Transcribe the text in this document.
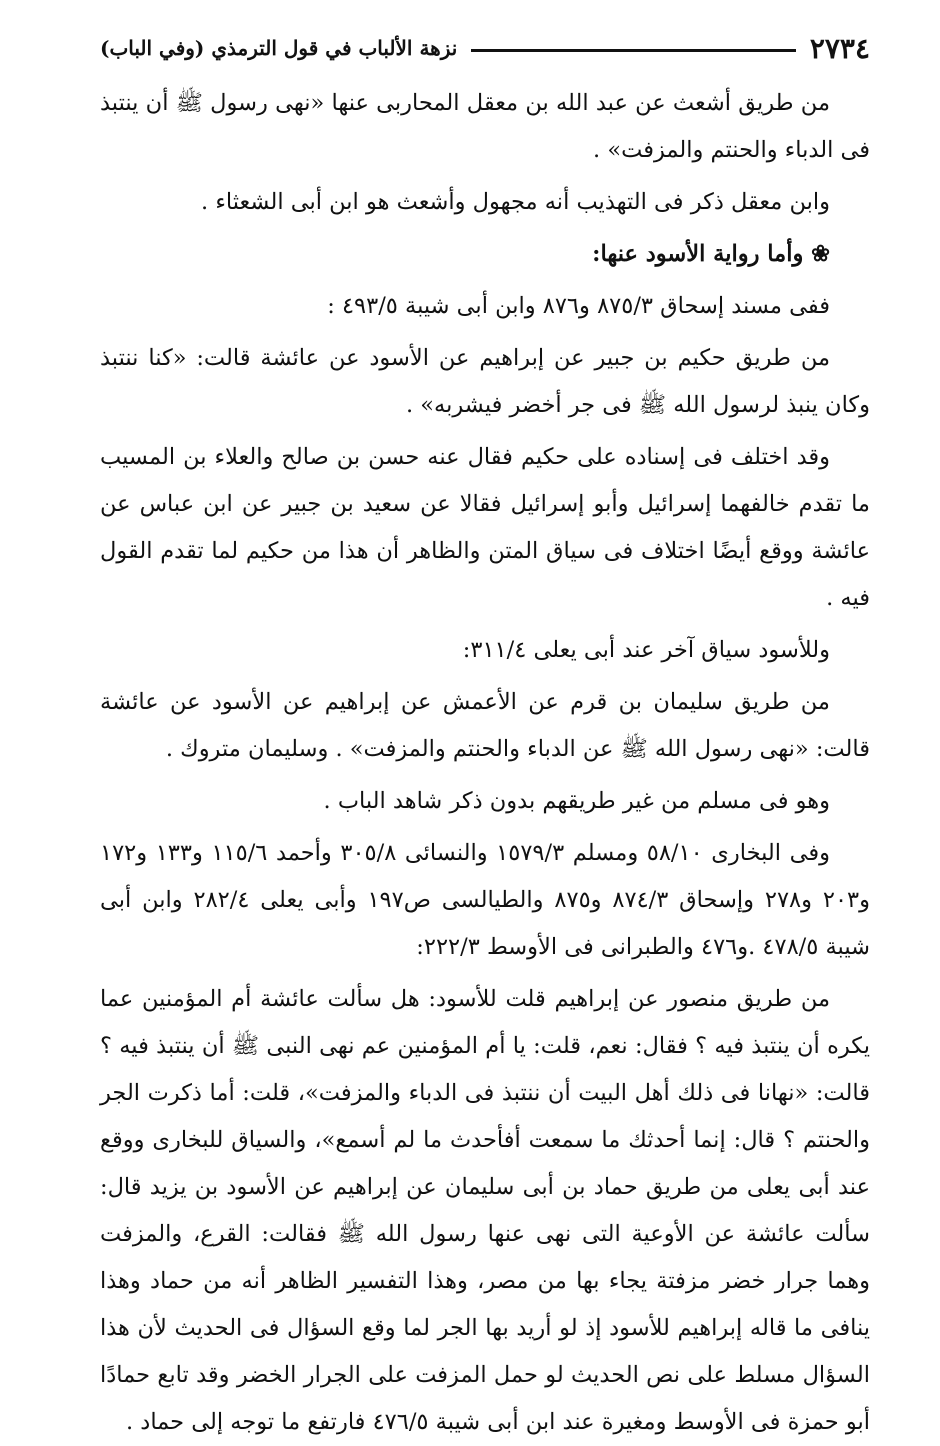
٢٧٣٤
نزهة الألباب في قول الترمذي (وفي الباب)

من طريق أشعث عن عبد الله بن معقل المحاربى عنها «نهى رسول ﷺ أن ينتبذ فى الدباء والحنتم والمزفت» .

وابن معقل ذكر فى التهذيب أنه مجهول وأشعث هو ابن أبى الشعثاء .

❀ وأما رواية الأسود عنها:

ففى مسند إسحاق ٨٧٥/٣ و٨٧٦ وابن أبى شيبة ٤٩٣/٥ :

من طريق حكيم بن جبير عن إبراهيم عن الأسود عن عائشة قالت: «كنا ننتبذ وكان ينبذ لرسول الله ﷺ فى جر أخضر فيشربه» .

وقد اختلف فى إسناده على حكيم فقال عنه حسن بن صالح والعلاء بن المسيب ما تقدم خالفهما إسرائيل وأبو إسرائيل فقالا عن سعيد بن جبير عن ابن عباس عن عائشة ووقع أيضًا اختلاف فى سياق المتن والظاهر أن هذا من حكيم لما تقدم القول فيه .

وللأسود سياق آخر عند أبى يعلى ٣١١/٤:

من طريق سليمان بن قرم عن الأعمش عن إبراهيم عن الأسود عن عائشة قالت: «نهى رسول الله ﷺ عن الدباء والحنتم والمزفت» . وسليمان متروك .

وهو فى مسلم من غير طريقهم بدون ذكر شاهد الباب .

وفى البخارى ٥٨/١٠ ومسلم ١٥٧٩/٣ والنسائى ٣٠٥/٨ وأحمد ١١٥/٦ و١٣٣ و١٧٢ و٢٠٣ و٢٧٨ وإسحاق ٨٧٤/٣ و٨٧٥ والطيالسى ص١٩٧ وأبى يعلى ٢٨٢/٤ وابن أبى شيبة ٤٧٨/٥ .و٤٧٦ والطبرانى فى الأوسط ٢٢٢/٣:

من طريق منصور عن إبراهيم قلت للأسود: هل سألت عائشة أم المؤمنين عما يكره أن ينتبذ فيه ؟ فقال: نعم، قلت: يا أم المؤمنين عم نهى النبى ﷺ أن ينتبذ فيه ؟ قالت: «نهانا فى ذلك أهل البيت أن ننتبذ فى الدباء والمزفت»، قلت: أما ذكرت الجر والحنتم ؟ قال: إنما أحدثك ما سمعت أفأحدث ما لم أسمع»، والسياق للبخارى ووقع عند أبى يعلى من طريق حماد بن أبى سليمان عن إبراهيم عن الأسود بن يزيد قال: سألت عائشة عن الأوعية التى نهى عنها رسول الله ﷺ فقالت: القرع، والمزفت وهما جرار خضر مزفتة يجاء بها من مصر، وهذا التفسير الظاهر أنه من حماد وهذا ينافى ما قاله إبراهيم للأسود إذ لو أريد بها الجر لما وقع السؤال فى الحديث لأن هذا السؤال مسلط على نص الحديث لو حمل المزفت على الجرار الخضر وقد تابع حمادًا أبو حمزة فى الأوسط ومغيرة عند ابن أبى شيبة ٤٧٦/٥ فارتفع ما توجه إلى حماد .
